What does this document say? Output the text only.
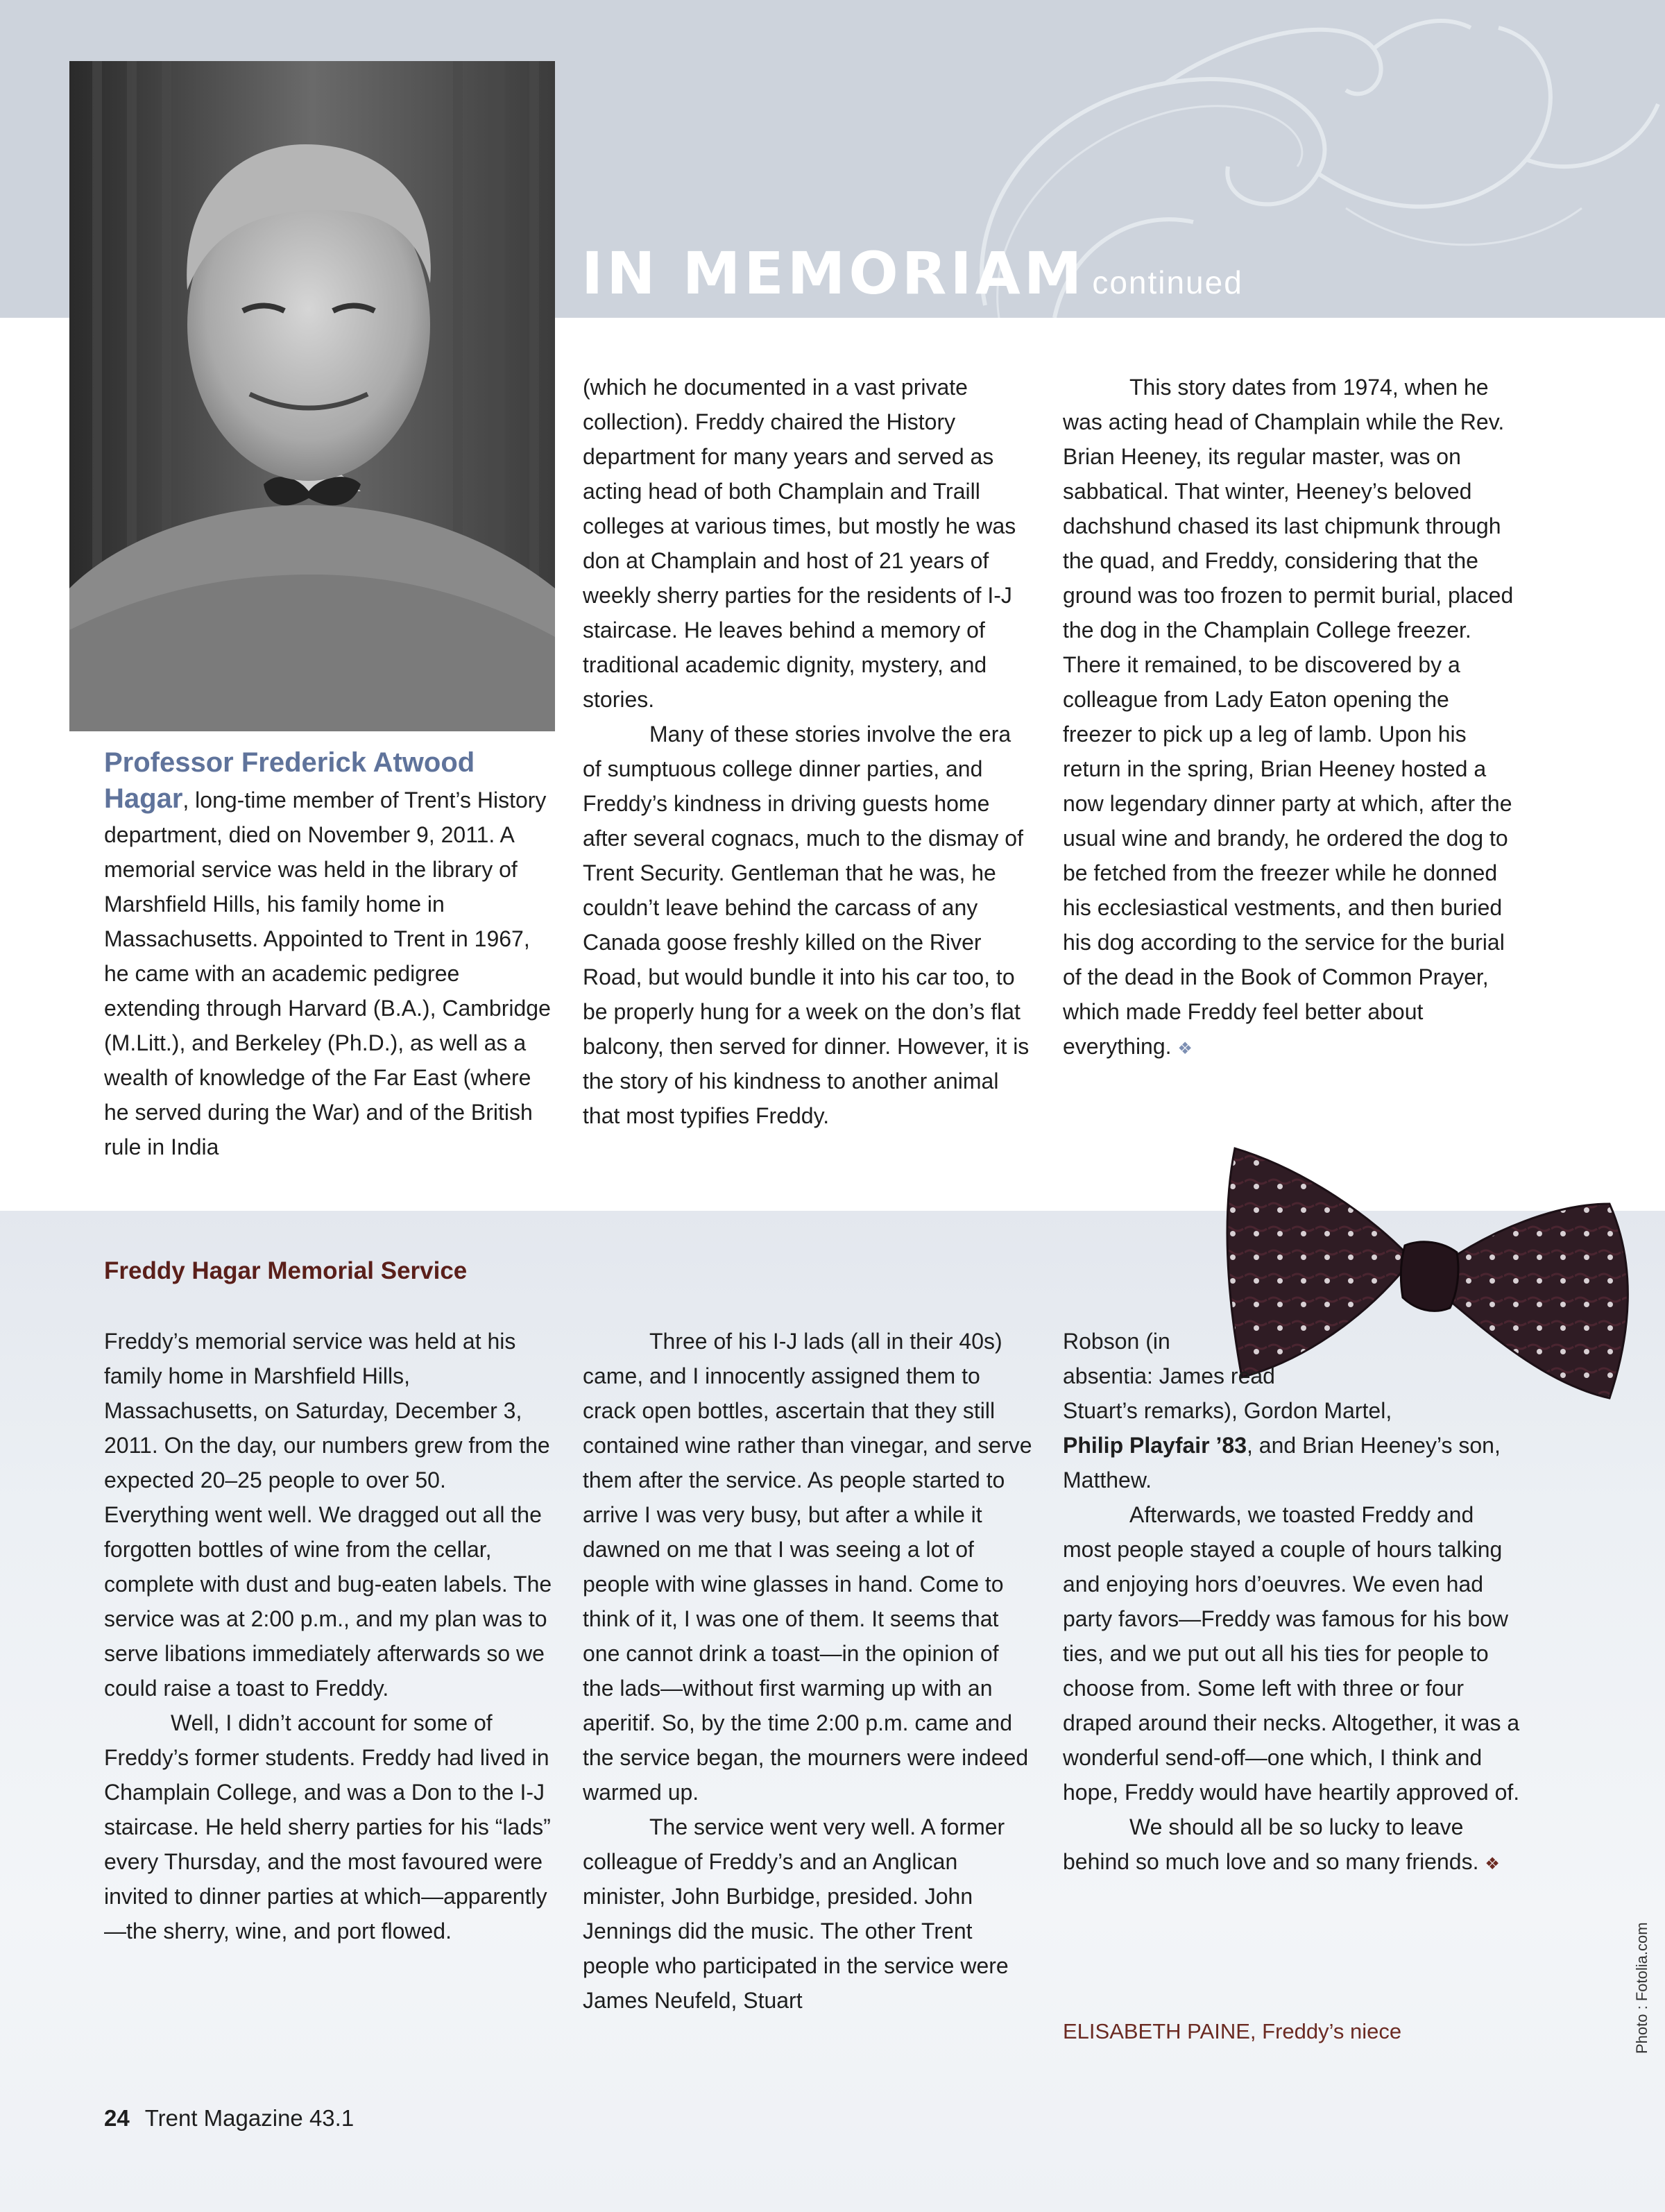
IN MEMORIAM continued

Professor Frederick Atwood Hagar, long-time member of Trent’s History department, died on November 9, 2011. A memorial service was held in the library of Marshfield Hills, his family home in Massachusetts. Appointed to Trent in 1967, he came with an academic pedigree extending through Harvard (B.A.), Cambridge (M.Litt.), and Berkeley (Ph.D.), as well as a wealth of knowledge of the Far East (where he served during the War) and of the British rule in India

(which he documented in a vast private collection). Freddy chaired the History department for many years and served as acting head of both Champlain and Traill colleges at various times, but mostly he was don at Champlain and host of 21 years of weekly sherry parties for the residents of I-J staircase. He leaves behind a memory of traditional academic dignity, mystery, and stories.

Many of these stories involve the era of sumptuous college dinner parties, and Freddy’s kindness in driving guests home after several cognacs, much to the dismay of Trent Security. Gentleman that he was, he couldn’t leave behind the carcass of any Canada goose freshly killed on the River Road, but would bundle it into his car too, to be properly hung for a week on the don’s flat balcony, then served for dinner. However, it is the story of his kindness to another animal that most typifies Freddy.

This story dates from 1974, when he was acting head of Champlain while the Rev. Brian Heeney, its regular master, was on sabbatical. That winter, Heeney’s beloved dachshund chased its last chipmunk through the quad, and Freddy, considering that the ground was too frozen to permit burial, placed the dog in the Champlain College freezer. There it remained, to be discovered by a colleague from Lady Eaton opening the freezer to pick up a leg of lamb. Upon his return in the spring, Brian Heeney hosted a now legendary dinner party at which, after the usual wine and brandy, he ordered the dog to be fetched from the freezer while he donned his ecclesiastical vestments, and then buried his dog according to the service for the burial of the dead in the Book of Common Prayer, which made Freddy feel better about everything. ❖

Freddy Hagar Memorial Service

Freddy’s memorial service was held at his family home in Marshfield Hills, Massachusetts, on Saturday, December 3, 2011. On the day, our numbers grew from the expected 20–25 people to over 50. Everything went well. We dragged out all the forgotten bottles of wine from the cellar, complete with dust and bug-eaten labels. The service was at 2:00 p.m., and my plan was to serve libations immediately afterwards so we could raise a toast to Freddy.

Well, I didn’t account for some of Freddy’s former students. Freddy had lived in Champlain College, and was a Don to the I-J staircase. He held sherry parties for his “lads” every Thursday, and the most favoured were invited to dinner parties at which—apparently—the sherry, wine, and port flowed.

Three of his I-J lads (all in their 40s) came, and I innocently assigned them to crack open bottles, ascertain that they still contained wine rather than vinegar, and serve them after the service. As people started to arrive I was very busy, but after a while it dawned on me that I was seeing a lot of people with wine glasses in hand. Come to think of it, I was one of them. It seems that one cannot drink a toast—in the opinion of the lads—without first warming up with an aperitif. So, by the time 2:00 p.m. came and the service began, the mourners were indeed warmed up.

The service went very well. A former colleague of Freddy’s and an Anglican minister, John Burbidge, presided. John Jennings did the music. The other Trent people who participated in the service were James Neufeld, Stuart

Robson (in
absentia: James read
Stuart’s remarks), Gordon Martel,
Philip Playfair ’83, and Brian Heeney’s son, Matthew.

Afterwards, we toasted Freddy and most people stayed a couple of hours talking and enjoying hors d’oeuvres. We even had party favors—Freddy was famous for his bow ties, and we put out all his ties for people to choose from. Some left with three or four draped around their necks. Altogether, it was a wonderful send-off—one which, I think and hope, Freddy would have heartily approved of.

We should all be so lucky to leave behind so much love and so many friends. ❖

ELISABETH PAINE, Freddy’s niece	Photo : Fotolia.com
24 Trent Magazine 43.1
